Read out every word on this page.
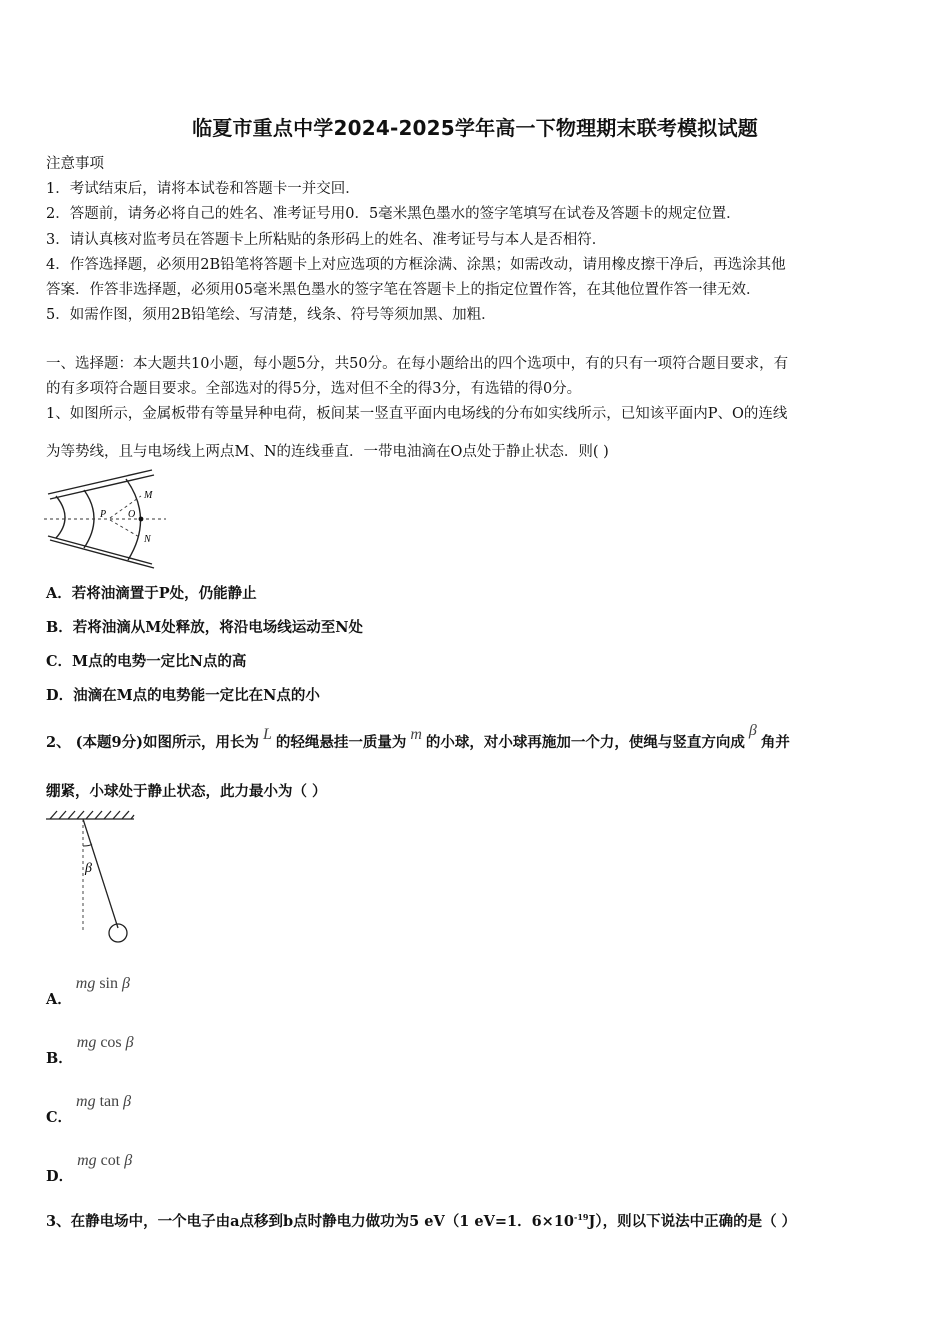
临夏市重点中学2024-2025学年高一下物理期末联考模拟试题
注意事项
1．考试结束后，请将本试卷和答题卡一并交回．
2．答题前，请务必将自己的姓名、准考证号用0．5毫米黑色墨水的签字笔填写在试卷及答题卡的规定位置．
3．请认真核对监考员在答题卡上所粘贴的条形码上的姓名、准考证号与本人是否相符．
4．作答选择题，必须用2B铅笔将答题卡上对应选项的方框涂满、涂黑；如需改动，请用橡皮擦干净后，再选涂其他
答案．作答非选择题，必须用05毫米黑色墨水的签字笔在答题卡上的指定位置作答，在其他位置作答一律无效．
5．如需作图，须用2B铅笔绘、写清楚，线条、符号等须加黑、加粗．
一、选择题：本大题共10小题，每小题5分，共50分。在每小题给出的四个选项中，有的只有一项符合题目要求，有
的有多项符合题目要求。全部选对的得5分，选对但不全的得3分，有选错的得0分。
1、如图所示，金属板带有等量异种电荷，板间某一竖直平面内电场线的分布如实线所示，已知该平面内P、O的连线
为等势线，且与电场线上两点M、N的连线垂直．一带电油滴在O点处于静止状态．则( )
M
P O
N
A．若将油滴置于P处，仍能静止
B．若将油滴从M处释放，将沿电场线运动至N处
C．M点的电势一定比N点的高
D．油滴在M点的电势能一定比在N点的小
2、 (本题9分)如图所示，用长为 L 的轻绳悬挂一质量为 m 的小球，对小球再施加一个力，使绳与竖直方向成β角并
绷紧，小球处于静止状态，此力最小为（ ）
β
A．mg sin β
B．mg cos β
C．mg tan β
D．mg cot β
3、在静电场中，一个电子由a点移到b点时静电力做功为5 eV（1 eV=1．$6\times 10^{-19}J$），则以下说法中正确的是（ ）
